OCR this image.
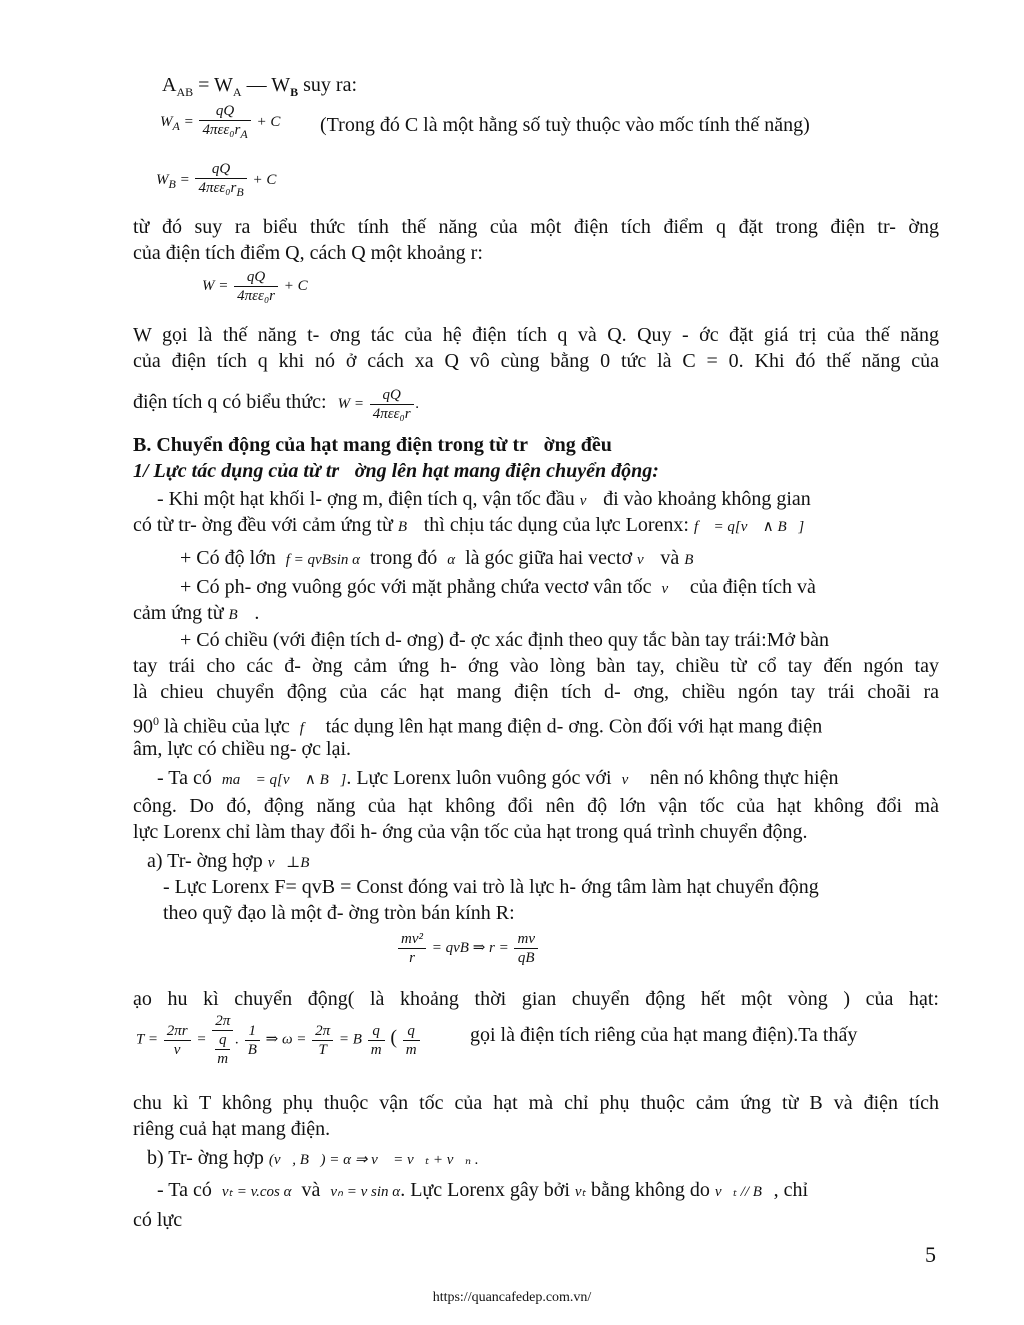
$A_{AB} = W_A$ — $W_B$ suy ra:
$W_A = \frac{qQ}{4\pi\varepsilon\varepsilon_0r_A} + C$ (Trong đó C là một hằng số tuỳ thuộc vào mốc tính thế năng)
$W_B = \frac{qQ}{4\pi\varepsilon\varepsilon_0r_B} + C$
từ đó suy ra biểu thức tính thế năng của một điện tích điểm q đặt trong điện tr- ờng
của điện tích điểm Q, cách Q một khoảng r:
$W = \frac{qQ}{\text{4πεε₀r}} + C$
W gọi là thế năng t- ơng tác của hệ điện tích q và Q. Quy - ớc đặt giá trị của thế năng
của điện tích q khi nó ở cách xa Q vô cùng bằng 0 tức là C = 0. Khi đó thế năng của
điện tích q có biểu thức: $W = \frac{qQ}{\text{4πεε₀r}}$ .
B. Chuyển động của hạt mang điện trong từ tr ờng đều
1/ Lực tác dụng của từ tr ờng lên hạt mang điện chuyển động:
- Khi một hạt khối l- ợng m, điện tích q, vận tốc đầu v⃗ đi vào khoảng không gian
có từ tr- ờng đều với cảm ứng từ B⃗ thì chịu tác dụng của lực Lorenx: f⃗ = q[v⃗ ∧ B⃗]
+ Có độ lớn f = qvBsin α trong đó α là góc giữa hai vectơ v⃗ và B⃗
+ Có ph- ơng vuông góc với mặt phẳng chứa vectơ vân tốc v⃗ của điện tích và
cảm ứng từ B⃗ .
+ Có chiều (với điện tích d- ơng) đ- ợc xác định theo quy tắc bàn tay trái:Mở bàn
tay trái cho các đ- ờng cảm ứng h- ớng vào lòng bàn tay, chiều từ cổ tay đến ngón tay
là chieu chuyển động của các hạt mang điện tích d- ơng, chiều ngón tay trái choãi ra
$90^0$ là chiều của lực f⃗ tác dụng lên hạt mang điện d- ơng. Còn đối với hạt mang điện
âm, lực có chiều ng- ợc lại.
- Ta có ma⃗ = q[v⃗ ∧ B⃗]. Lực Lorenx luôn vuông góc với v⃗ nên nó không thực hiện
công. Do đó, động năng của hạt không đổi nên độ lớn vận tốc của hạt không đổi mà
lực Lorenx chỉ làm thay đổi h- ớng của vận tốc của hạt trong quá trình chuyển động.
a) Tr- ờng hợp v⃗⊥B⃗
- Lực Lorenx F= qvB = Const đóng vai trò là lực h- ớng tâm làm hạt chuyển động
theo quỹ đạo là một đ- ờng tròn bán kính R:
$\frac{\text{mv²}}{r}$ = qvB ⇒ $r = \frac{mv}{qB}$
ạo hu kì chuyển động( là khoảng thời gian chuyển động hết một vòng ) của hạt:
$T = \frac{2\pi r}{v} = 2\pi$
q
m . $\frac{1}{B}$ ⇒ $\omega = \frac{2\pi}{T} = B \frac{q}{m}$ ( $\frac{q}{m}$	gọi là điện tích riêng của hạt mang điện).Ta thấy
chu kì T không phụ thuộc vận tốc của hạt mà chỉ phụ thuộc cảm ứng từ B và điện tích
riêng cuả hạt mang điện.
b) Tr- ờng hợp (v⃗, B⃗) = α ⇒ v⃗ = v⃗ₜ + v⃗ₙ .
- Ta có vₜ = v.cos α và vₙ = v sin α. Lực Lorenx gây bởi vₜ bằng không do v⃗ₜ // B⃗, chỉ
có lực
5
https://quancafedep.com.vn/
